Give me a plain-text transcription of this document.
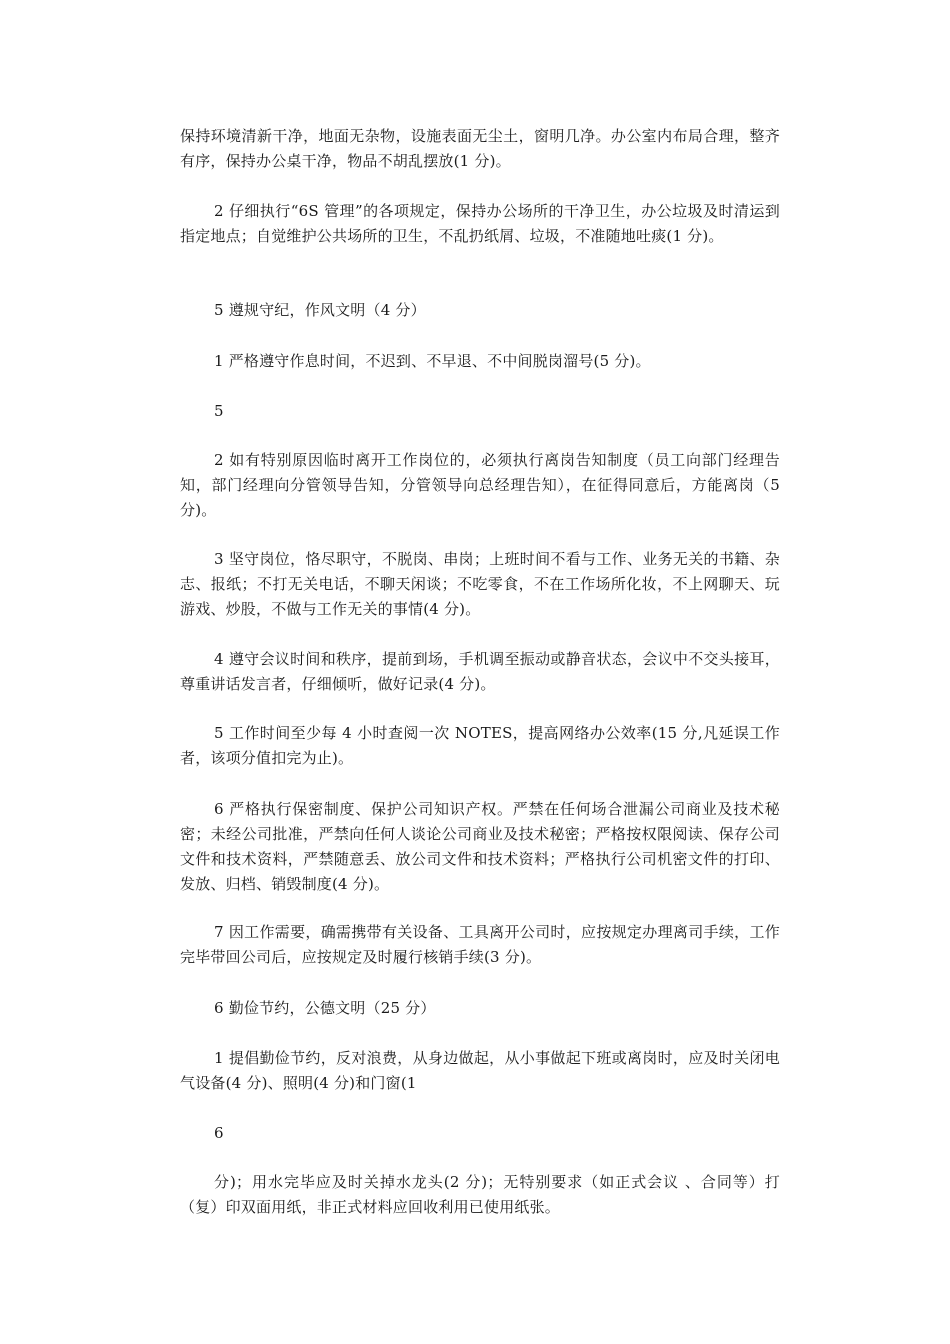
保持环境清新干净，地面无杂物，设施表面无尘土，窗明几净。办公室内布局合理，整齐有序，保持办公桌干净，物品不胡乱摆放(1 分)。

2 仔细执行“6S 管理”的各项规定，保持办公场所的干净卫生，办公垃圾及时清运到指定地点；自觉维护公共场所的卫生，不乱扔纸屑、垃圾，不准随地吐痰(1 分)。

5 遵规守纪，作风文明（4 分）

1 严格遵守作息时间，不迟到、不早退、不中间脱岗溜号(5 分)。

5

2 如有特别原因临时离开工作岗位的，必须执行离岗告知制度（员工向部门经理告知，部门经理向分管领导告知，分管领导向总经理告知），在征得同意后，方能离岗（5 分)。

3 坚守岗位，恪尽职守，不脱岗、串岗；上班时间不看与工作、业务无关的书籍、杂志、报纸；不打无关电话，不聊天闲谈；不吃零食，不在工作场所化妆，不上网聊天、玩游戏、炒股，不做与工作无关的事情(4 分)。

4 遵守会议时间和秩序，提前到场，手机调至振动或静音状态，会议中不交头接耳，尊重讲话发言者，仔细倾听，做好记录(4 分)。

5 工作时间至少每 4 小时查阅一次 NOTES，提高网络办公效率(15 分,凡延误工作者，该项分值扣完为止)。

6 严格执行保密制度、保护公司知识产权。严禁在任何场合泄漏公司商业及技术秘密；未经公司批准，严禁向任何人谈论公司商业及技术秘密；严格按权限阅读、保存公司文件和技术资料，严禁随意丢、放公司文件和技术资料；严格执行公司机密文件的打印、发放、归档、销毁制度(4 分)。

7 因工作需要，确需携带有关设备、工具离开公司时，应按规定办理离司手续，工作完毕带回公司后，应按规定及时履行核销手续(3 分)。

6 勤俭节约，公德文明（25 分）

1 提倡勤俭节约，反对浪费，从身边做起，从小事做起下班或离岗时，应及时关闭电气设备(4 分)、照明(4 分)和门窗(1

6

分)；用水完毕应及时关掉水龙头(2 分)；无特别要求（如正式会议 、合同等）打（复）印双面用纸，非正式材料应回收利用已使用纸张。
